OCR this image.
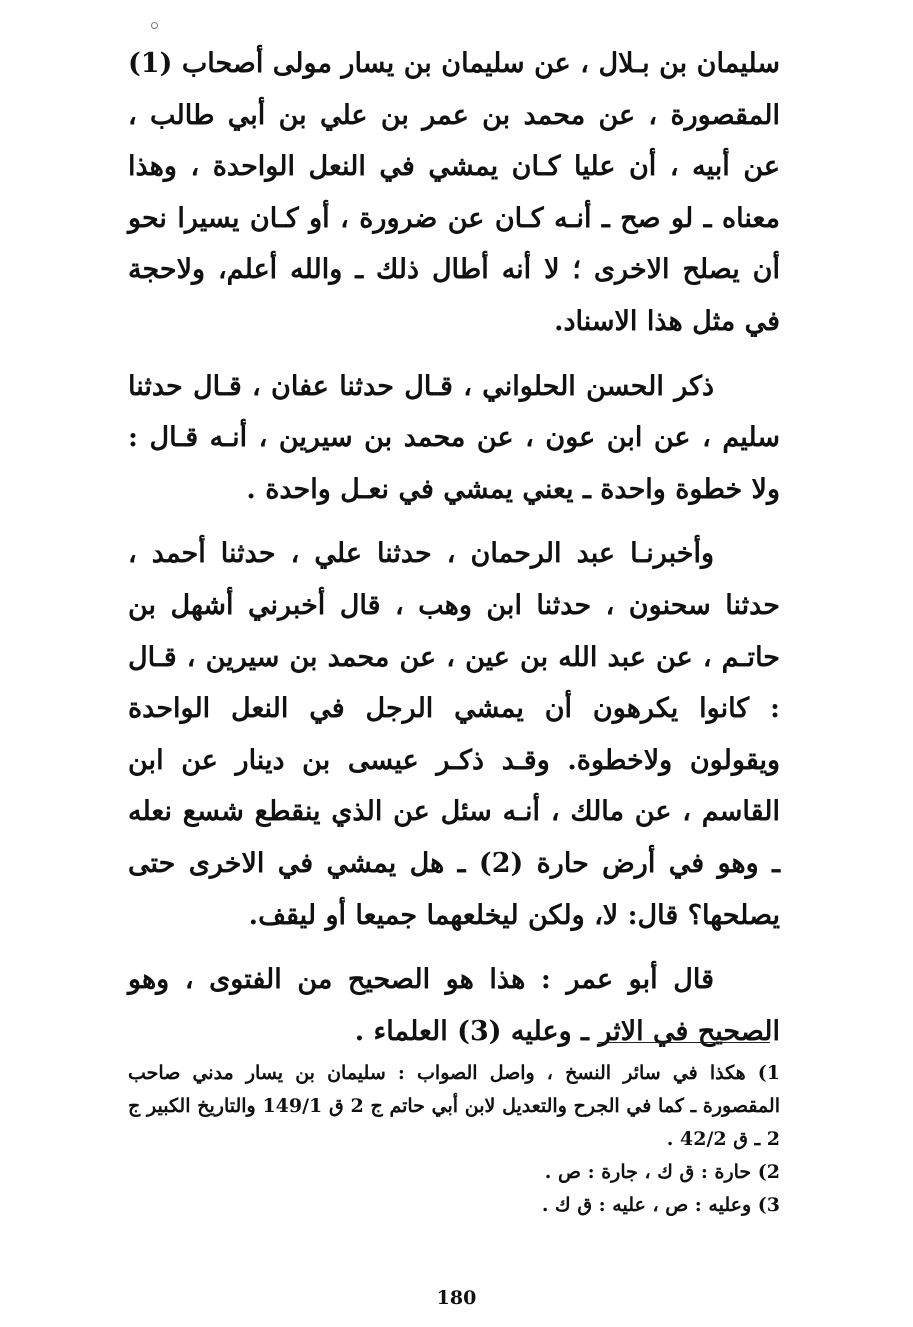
سليمان بن بـلال ، عن سليمان بن يسار مولى أصحاب (1) المقصورة ، عن محمد بن عمر بن علي بن أبي طالب ، عن أبيه ، أن عليا كـان يمشي في النعل الواحدة ، وهذا معناه ـ لو صح ـ أنـه كـان عن ضرورة ، أو كـان يسيرا نحو أن يصلح الاخرى ؛ لا أنه أطال ذلك ـ والله أعلم، ولاحجة في مثل هذا الاسناد.

ذكر الحسن الحلواني ، قـال حدثنا عفان ، قـال حدثنا سليم ، عن ابن عون ، عن محمد بن سيرين ، أنـه قـال : ولا خطوة واحدة ـ يعني يمشي في نعـل واحدة .

وأخبرنـا عبد الرحمان ، حدثنا علي ، حدثنا أحمد ، حدثنا سحنون ، حدثنا ابن وهب ، قال أخبرني أشهل بن حاتـم ، عن عبد الله بن عين ، عن محمد بن سيرين ، قـال : كانوا يكرهون أن يمشي الرجل في النعل الواحدة ويقولون ولاخطوة. وقـد ذكـر عيسى بن دينار عن ابن القاسم ، عن مالك ، أنـه سئل عن الذي ينقطع شسع نعله ـ وهو في أرض حارة (2) ـ هل يمشي في الاخرى حتى يصلحها؟ قال: لا، ولكن ليخلعهما جميعا أو ليقف.

قال أبو عمر : هذا هو الصحيح من الفتوى ، وهو الصحيح في الاثر ـ وعليه (3) العلماء .

1) هكذا في سائر النسخ ، واصل الصواب : سليمان بن يسار مدني صاحب المقصورة ـ كما في الجرح والتعديل لابن أبي حاتم ج 2 ق 149/1 والتاريخ الكبير ج 2 ـ ق 42/2 .

2) حارة : ق ك ، جارة : ص .

3) وعليه : ص ، عليه : ق ك .

180
